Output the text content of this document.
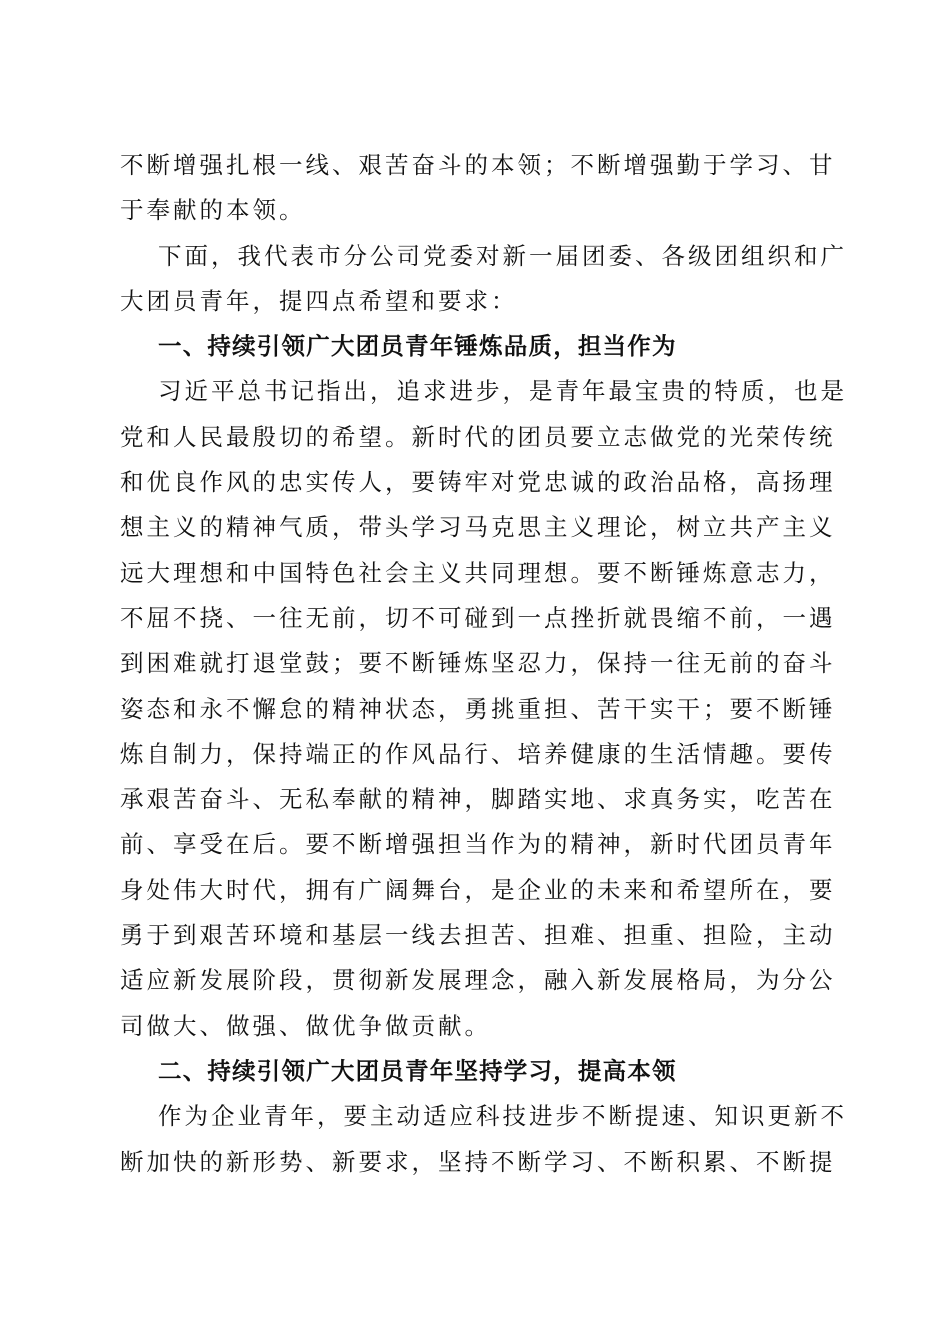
不断增强扎根一线、艰苦奋斗的本领；不断增强勤于学习、甘
于奉献的本领。
下面，我代表市分公司党委对新一届团委、各级团组织和广
大团员青年，提四点希望和要求：
一、持续引领广大团员青年锤炼品质，担当作为
习近平总书记指出，追求进步，是青年最宝贵的特质，也是
党和人民最殷切的希望。新时代的团员要立志做党的光荣传统
和优良作风的忠实传人，要铸牢对党忠诚的政治品格，高扬理
想主义的精神气质，带头学习马克思主义理论，树立共产主义
远大理想和中国特色社会主义共同理想。要不断锤炼意志力，
不屈不挠、一往无前，切不可碰到一点挫折就畏缩不前，一遇
到困难就打退堂鼓；要不断锤炼坚忍力，保持一往无前的奋斗
姿态和永不懈怠的精神状态，勇挑重担、苦干实干；要不断锤
炼自制力，保持端正的作风品行、培养健康的生活情趣。要传
承艰苦奋斗、无私奉献的精神，脚踏实地、求真务实，吃苦在
前、享受在后。要不断增强担当作为的精神，新时代团员青年
身处伟大时代，拥有广阔舞台，是企业的未来和希望所在，要
勇于到艰苦环境和基层一线去担苦、担难、担重、担险，主动
适应新发展阶段，贯彻新发展理念，融入新发展格局，为分公
司做大、做强、做优争做贡献。
二、持续引领广大团员青年坚持学习，提高本领
作为企业青年，要主动适应科技进步不断提速、知识更新不
断加快的新形势、新要求，坚持不断学习、不断积累、不断提
